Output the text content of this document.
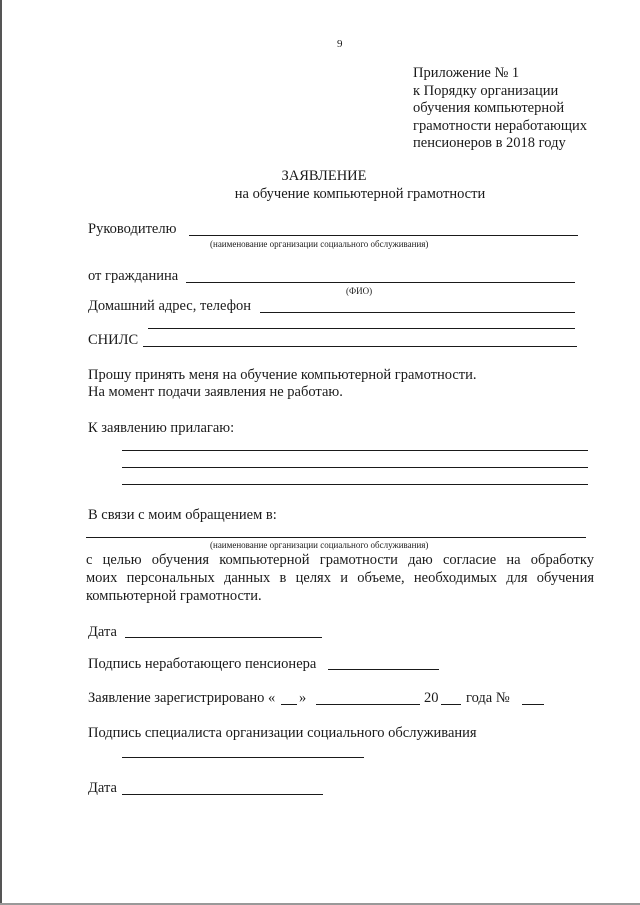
9
Приложение № 1
к Порядку организации
обучения компьютерной
грамотности неработающих
пенсионеров в 2018 году
ЗАЯВЛЕНИЕ
на обучение компьютерной грамотности
Руководителю
(наименование организации социального обслуживания)
от гражданина
(ФИО)
Домашний адрес, телефон
СНИЛС
Прошу принять меня на обучение компьютерной грамотности.
На момент подачи заявления не работаю.
К заявлению прилагаю:
В связи с моим обращением в:
(наименование организации социального обслуживания)
с целью обучения компьютерной грамотности даю согласие на обработку
моих персональных данных в целях и объеме, необходимых для обучения
компьютерной грамотности.
Дата
Подпись неработающего пенсионера
Заявление зарегистрировано « »	20 года №
Подпись специалиста организации социального обслуживания
Дата
